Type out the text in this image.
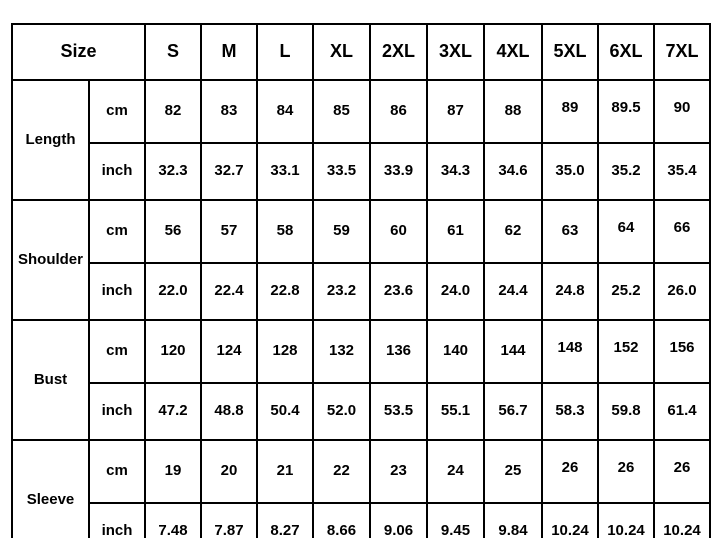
Size		S	M	L	XL	2XL	3XL	4XL	5XL	6XL	7XL
Length	cm	82	83	84	85	86	87	88	89	89.5	90
	inch	32.3	32.7	33.1	33.5	33.9	34.3	34.6	35.0	35.2	35.4
Shoulder	cm	56	57	58	59	60	61	62	63	64	66
	inch	22.0	22.4	22.8	23.2	23.6	24.0	24.4	24.8	25.2	26.0
Bust	cm	120	124	128	132	136	140	144	148	152	156
	inch	47.2	48.8	50.4	52.0	53.5	55.1	56.7	58.3	59.8	61.4
Sleeve	cm	19	20	21	22	23	24	25	26	26	26
	inch	7.48	7.87	8.27	8.66	9.06	9.45	9.84	10.24	10.24	10.24
